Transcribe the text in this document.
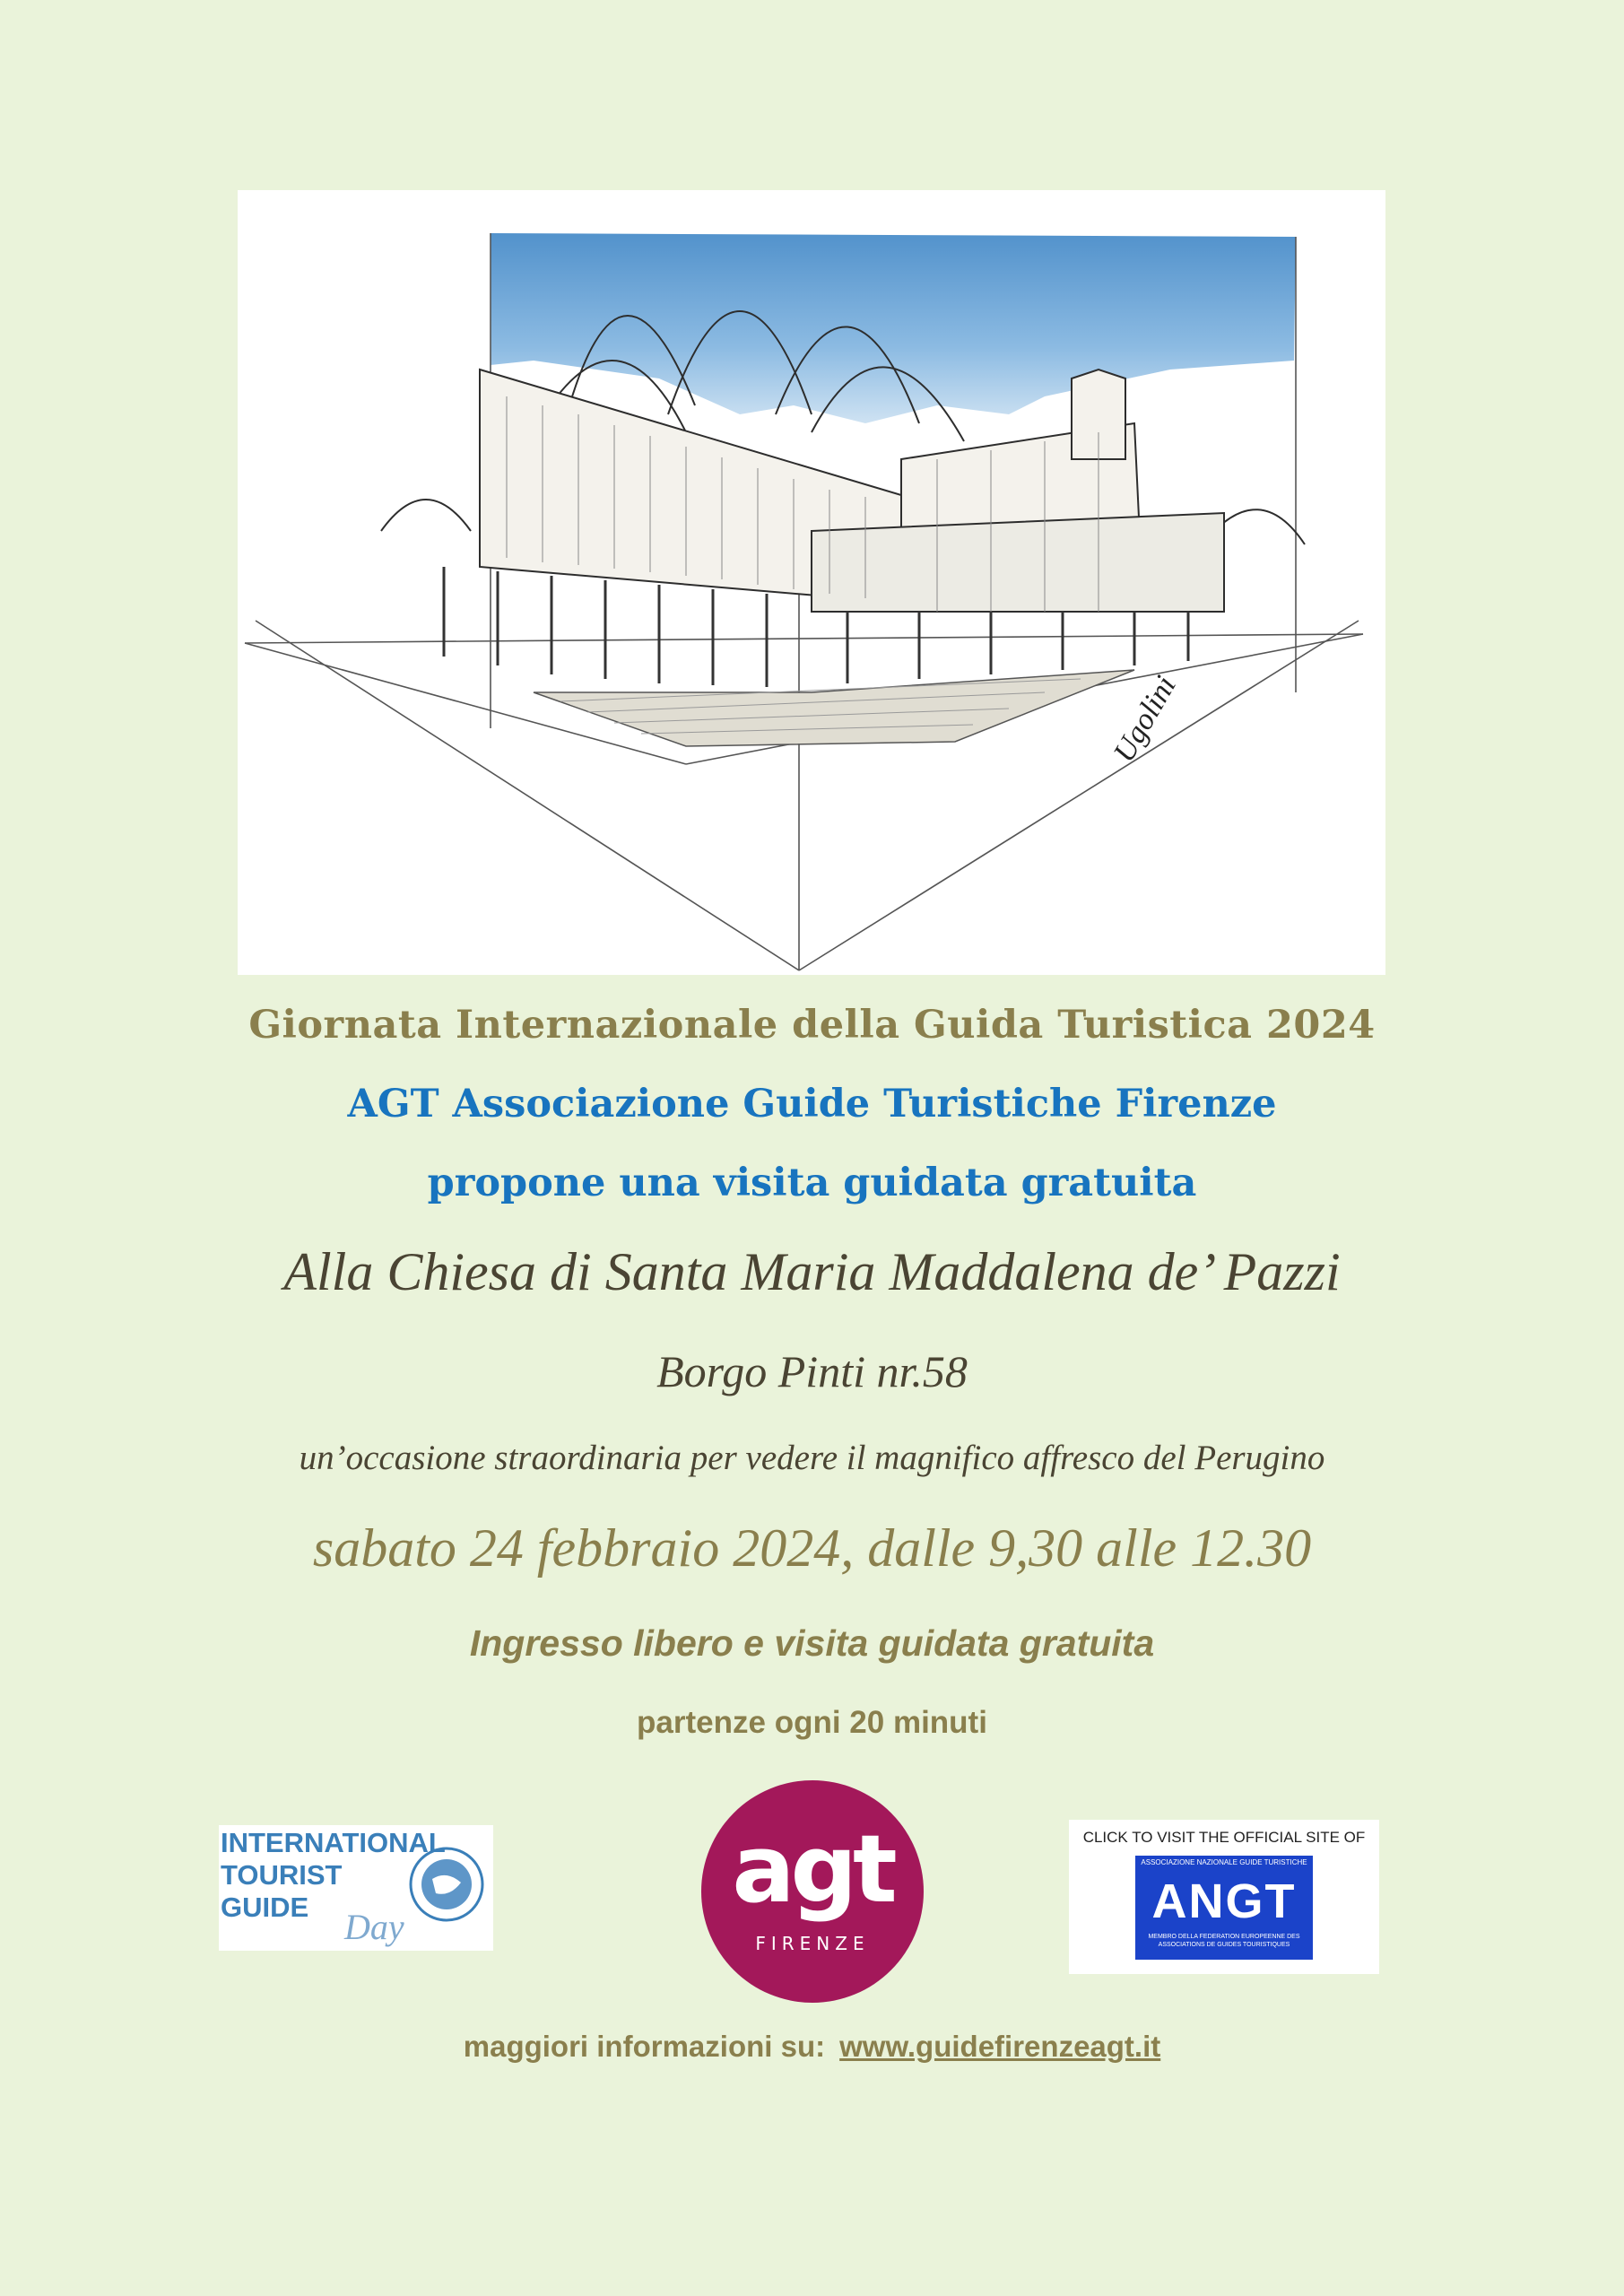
Ugolini
Giornata Internazionale della Guida Turistica 2024
AGT Associazione Guide Turistiche Firenze
propone una visita guidata gratuita
Alla Chiesa di Santa Maria Maddalena de’ Pazzi
Borgo Pinti nr.58
un’occasione straordinaria per vedere il magnifico affresco del Perugino
sabato 24 febbraio 2024, dalle 9,30 alle 12.30
Ingresso libero e visita guidata gratuita
partenze ogni 20 minuti
INTERNATIONAL
TOURIST
GUIDE Day
agt
FIRENZE
CLICK TO VISIT THE OFFICIAL SITE OF
ASSOCIAZIONE NAZIONALE GUIDE TURISTICHE
ANGT
MEMBRO DELLA FEDERATION EUROPEENNE DES ASSOCIATIONS DE GUIDES TOURISTIQUES
maggiori informazioni su: www.guidefirenzeagt.it
